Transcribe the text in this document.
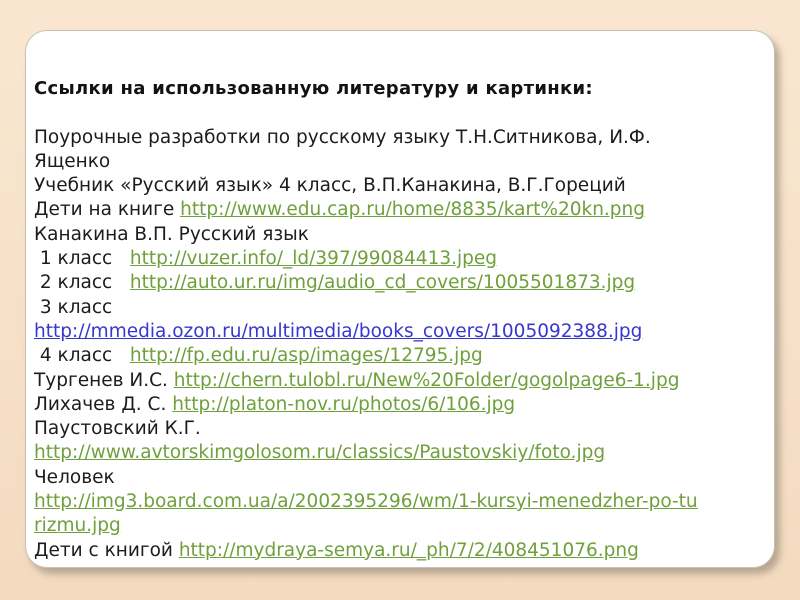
Ссылки на использованную литературу и картинки:
Поурочные разработки по русскому языку Т.Н.Ситникова, И.Ф.
Ященко
Учебник «Русский язык» 4 класс, В.П.Канакина, В.Г.Гореций
Дети на книге http://www.edu.cap.ru/home/8835/kart%20kn.png
Канакина В.П. Русский язык
1 класс   http://vuzer.info/_ld/397/99084413.jpeg
2 класс   http://auto.ur.ru/img/audio_cd_covers/1005501873.jpg
3 класс
http://mmedia.ozon.ru/multimedia/books_covers/1005092388.jpg
4 класс   http://fp.edu.ru/asp/images/12795.jpg
Тургенев И.С. http://chern.tulobl.ru/New%20Folder/gogolpage6-1.jpg
Лихачев Д. С. http://platon-nov.ru/photos/6/106.jpg
Паустовский К.Г.
http://www.avtorskimgolosom.ru/classics/Paustovskiy/foto.jpg
Человек
http://img3.board.com.ua/a/2002395296/wm/1-kursyi-menedzher-po-tu
rizmu.jpg
Дети с книгой http://mydraya-semya.ru/_ph/7/2/408451076.png
